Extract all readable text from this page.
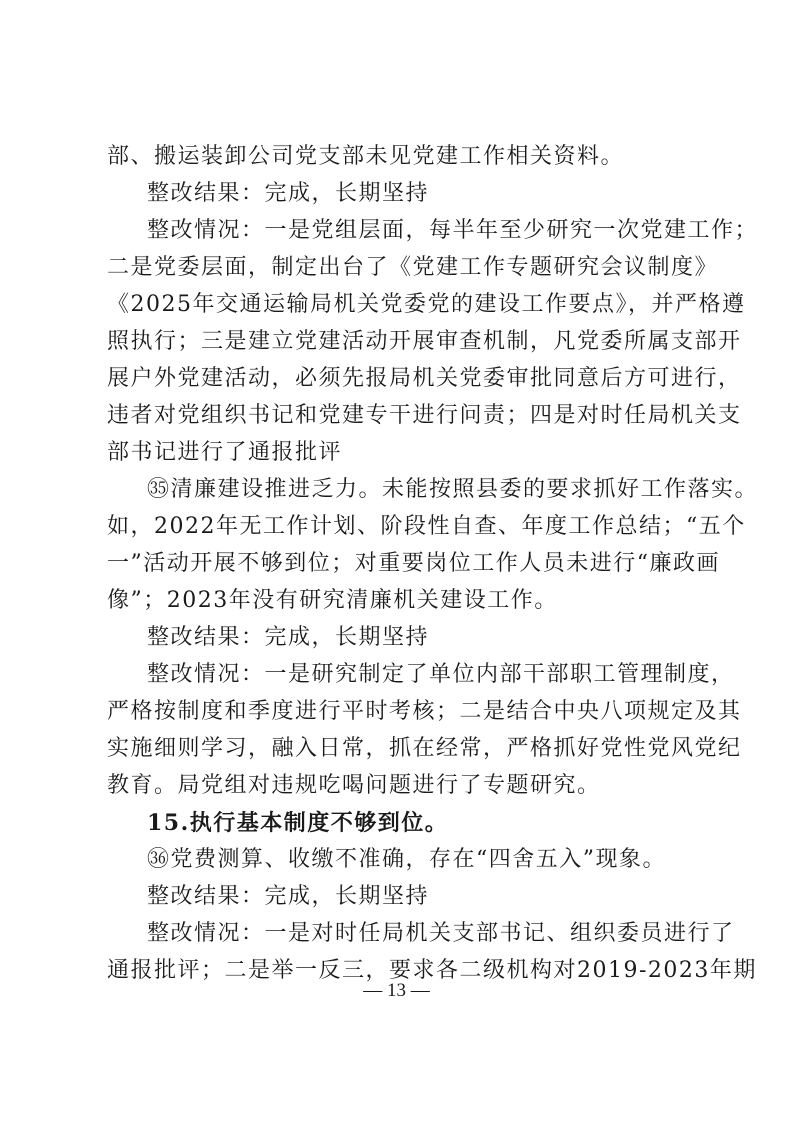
部、搬运装卸公司党支部未见党建工作相关资料。
整改结果：完成，长期坚持
整改情况：一是党组层面，每半年至少研究一次党建工作；
二是党委层面，制定出台了《党建工作专题研究会议制度》
《2025年交通运输局机关党委党的建设工作要点》，并严格遵
照执行；三是建立党建活动开展审查机制，凡党委所属支部开
展户外党建活动，必须先报局机关党委审批同意后方可进行，
违者对党组织书记和党建专干进行问责；四是对时任局机关支
部书记进行了通报批评
㉟清廉建设推进乏力。未能按照县委的要求抓好工作落实。
如，2022年无工作计划、阶段性自查、年度工作总结；“五个
一”活动开展不够到位；对重要岗位工作人员未进行“廉政画
像”；2023年没有研究清廉机关建设工作。
整改结果：完成，长期坚持
整改情况：一是研究制定了单位内部干部职工管理制度，
严格按制度和季度进行平时考核；二是结合中央八项规定及其
实施细则学习，融入日常，抓在经常，严格抓好党性党风党纪
教育。局党组对违规吃喝问题进行了专题研究。
15.执行基本制度不够到位。
㊱党费测算、收缴不准确，存在“四舍五入”现象。
整改结果：完成，长期坚持
整改情况：一是对时任局机关支部书记、组织委员进行了
通报批评；二是举一反三，要求各二级机构对2019-2023年期
— 13 —
